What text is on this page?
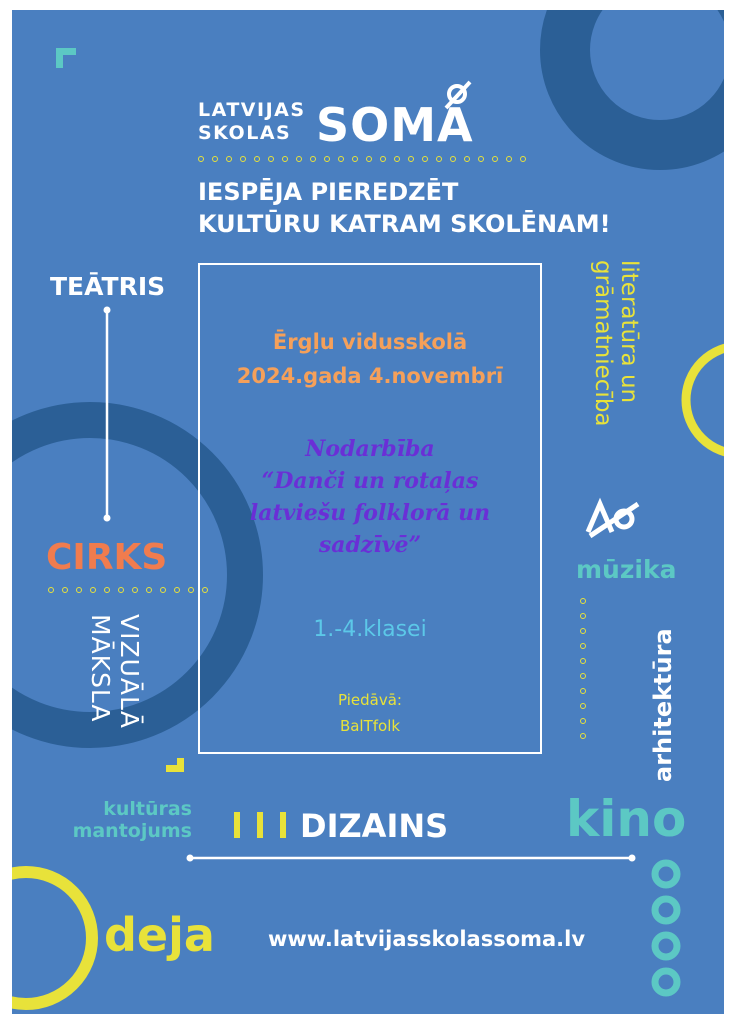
LATVIJAS
SKOLAS SOMA
IESPĒJA PIEREDZĒT
KULTŪRU KATRAM SKOLĒNAM!
TEĀTRIS
CIRKS
VIZUĀLĀ
MĀKSLA
literatūra un
grāmatniecība
mūzika
arhitektūra
kultūras
mantojums	DIZAINS kino
deja	www.latvijasskolassoma.lv
Ērgļu vidusskolā
2024.gada 4.novembrī
Nodarbība
“Danči un rotaļas
latviešu folklorā un
sadzīvē”
1.-4.klasei
Piedāvā:
BalTfolk
